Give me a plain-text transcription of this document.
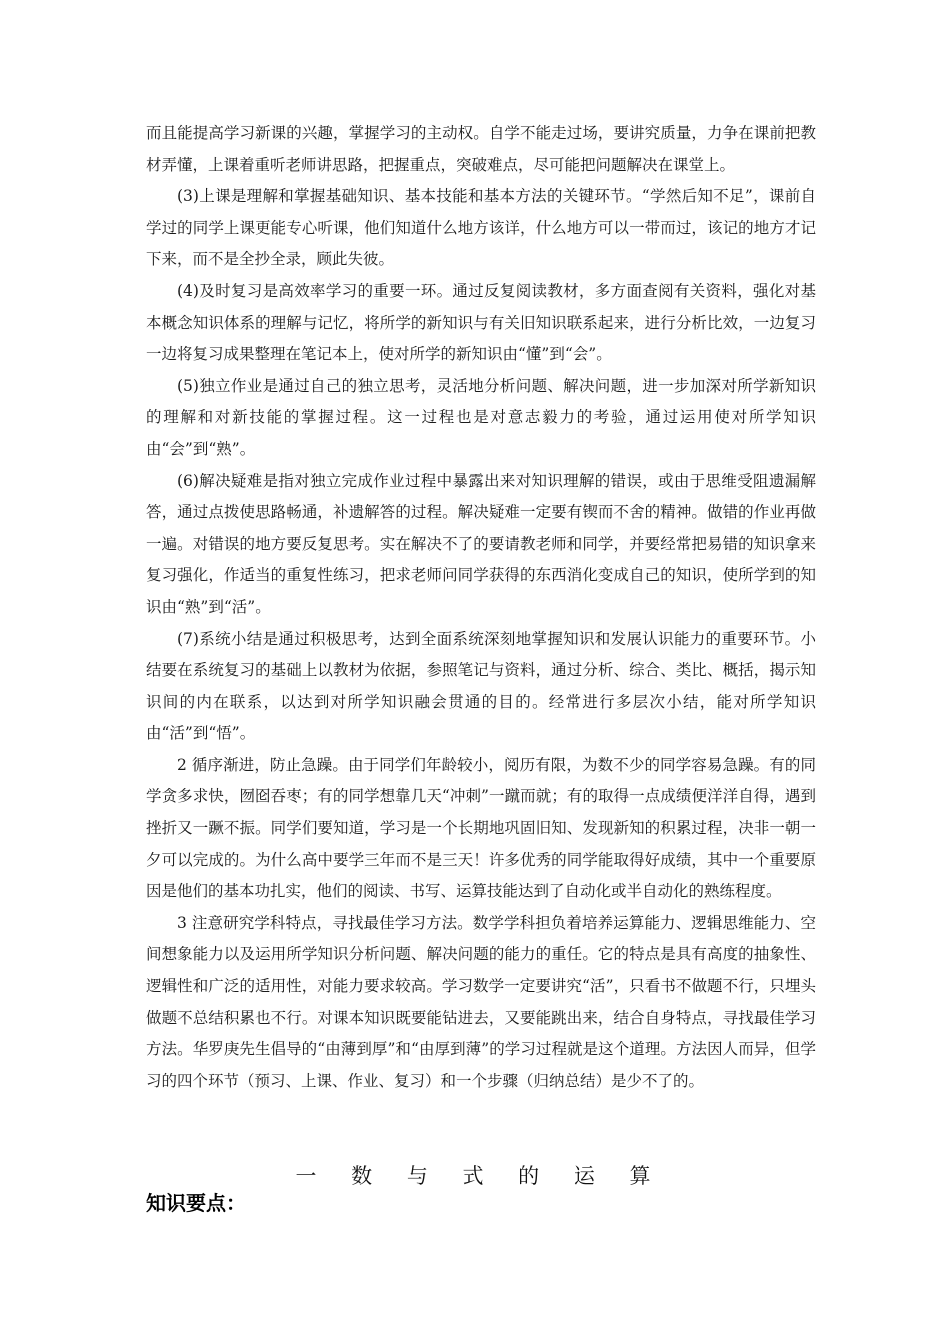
而且能提高学习新课的兴趣，掌握学习的主动权。自学不能走过场，要讲究质量，力争在课前把教材弄懂，上课着重听老师讲思路，把握重点，突破难点，尽可能把问题解决在课堂上。

(3)上课是理解和掌握基础知识、基本技能和基本方法的关键环节。“学然后知不足”，课前自学过的同学上课更能专心听课，他们知道什么地方该详，什么地方可以一带而过，该记的地方才记下来，而不是全抄全录，顾此失彼。

(4)及时复习是高效率学习的重要一环。通过反复阅读教材，多方面查阅有关资料，强化对基本概念知识体系的理解与记忆，将所学的新知识与有关旧知识联系起来，进行分析比效，一边复习一边将复习成果整理在笔记本上，使对所学的新知识由“懂”到“会”。

(5)独立作业是通过自己的独立思考，灵活地分析问题、解决问题，进一步加深对所学新知识的理解和对新技能的掌握过程。这一过程也是对意志毅力的考验，通过运用使对所学知识由“会”到“熟”。

(6)解决疑难是指对独立完成作业过程中暴露出来对知识理解的错误，或由于思维受阻遗漏解答，通过点拨使思路畅通，补遗解答的过程。解决疑难一定要有锲而不舍的精神。做错的作业再做一遍。对错误的地方要反复思考。实在解决不了的要请教老师和同学，并要经常把易错的知识拿来复习强化，作适当的重复性练习，把求老师问同学获得的东西消化变成自己的知识，使所学到的知识由“熟”到“活”。

(7)系统小结是通过积极思考，达到全面系统深刻地掌握知识和发展认识能力的重要环节。小结要在系统复习的基础上以教材为依据，参照笔记与资料，通过分析、综合、类比、概括，揭示知识间的内在联系，以达到对所学知识融会贯通的目的。经常进行多层次小结，能对所学知识由“活”到“悟”。

2 循序渐进，防止急躁。由于同学们年龄较小，阅历有限，为数不少的同学容易急躁。有的同学贪多求快，囫囵吞枣；有的同学想靠几天“冲刺”一蹴而就；有的取得一点成绩便洋洋自得，遇到挫折又一蹶不振。同学们要知道，学习是一个长期地巩固旧知、发现新知的积累过程，决非一朝一夕可以完成的。为什么高中要学三年而不是三天！许多优秀的同学能取得好成绩，其中一个重要原因是他们的基本功扎实，他们的阅读、书写、运算技能达到了自动化或半自动化的熟练程度。

3 注意研究学科特点，寻找最佳学习方法。数学学科担负着培养运算能力、逻辑思维能力、空间想象能力以及运用所学知识分析问题、解决问题的能力的重任。它的特点是具有高度的抽象性、逻辑性和广泛的适用性，对能力要求较高。学习数学一定要讲究“活”，只看书不做题不行，只埋头做题不总结积累也不行。对课本知识既要能钻进去，又要能跳出来，结合自身特点，寻找最佳学习方法。华罗庚先生倡导的“由薄到厚”和“由厚到薄”的学习过程就是这个道理。方法因人而异，但学习的四个环节（预习、上课、作业、复习）和一个步骤（归纳总结）是少不了的。

一 数 与 式 的 运 算
知识要点：
